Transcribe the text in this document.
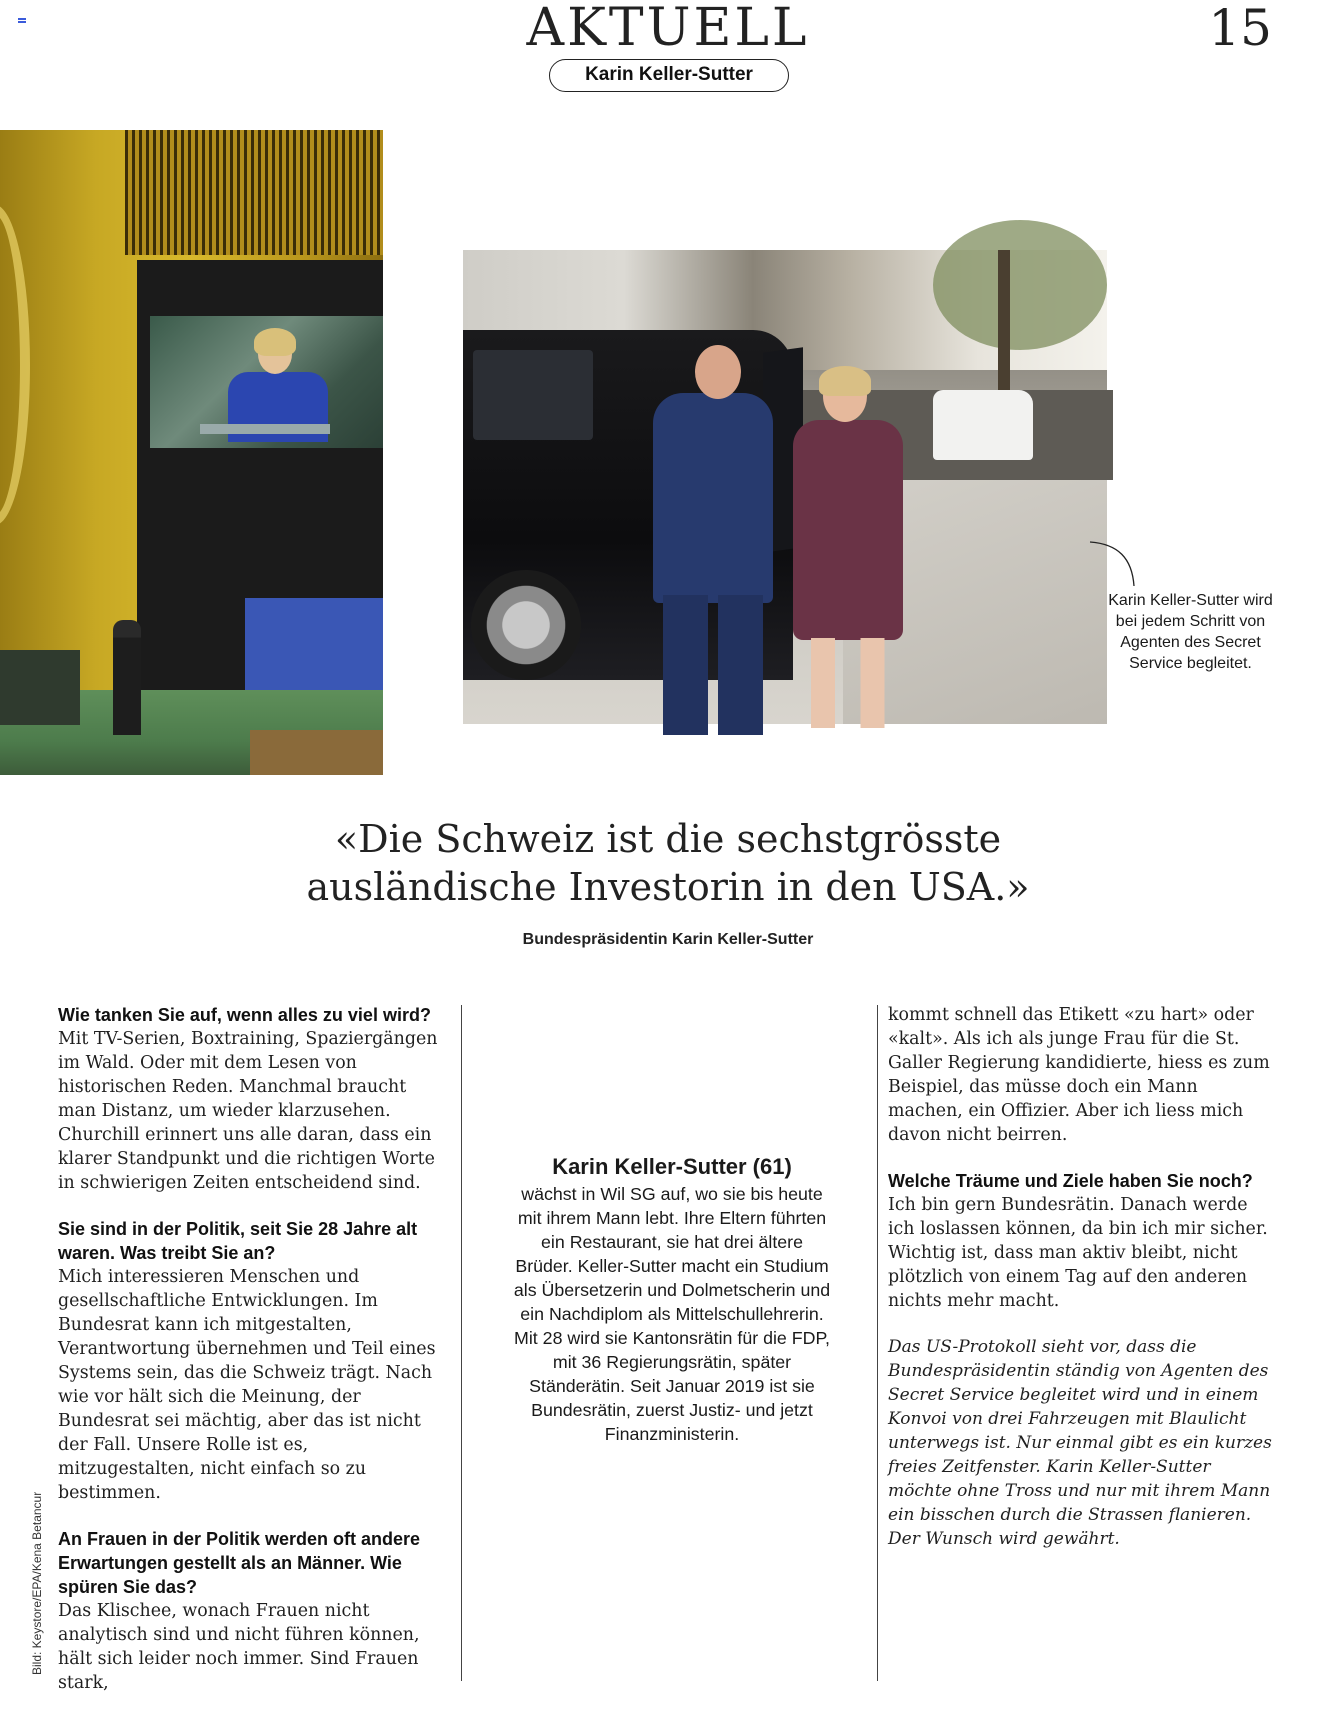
AKTUELL	15
Karin Keller-Sutter
Karin Keller-Sutter wird bei jedem Schritt von Agenten des Secret Service begleitet.
«Die Schweiz ist die sechstgrösste
ausländische Investorin in den USA.»
Bundespräsidentin Karin Keller-Sutter
Bild: Keystore/EPA/Kena Betancur
Wie tanken Sie auf, wenn alles zu viel wird?
Mit TV-Serien, Boxtraining, Spaziergängen im Wald. Oder mit dem Lesen von historischen Reden. Manchmal braucht man Distanz, um wieder klarzusehen. Churchill erinnert uns alle daran, dass ein klarer Standpunkt und die richtigen Worte in schwierigen Zeiten entscheidend sind.
Sie sind in der Politik, seit Sie 28 Jahre alt waren. Was treibt Sie an?
Mich interessieren Menschen und gesellschaftliche Entwicklungen. Im Bundesrat kann ich mitgestalten, Verantwortung übernehmen und Teil eines Systems sein, das die Schweiz trägt. Nach wie vor hält sich die Meinung, der Bundesrat sei mächtig, aber das ist nicht der Fall. Unsere Rolle ist es, mitzugestalten, nicht einfach so zu bestimmen.
An Frauen in der Politik werden oft andere Erwartungen gestellt als an Männer. Wie spüren Sie das?
Das Klischee, wonach Frauen nicht analytisch sind und nicht führen können, hält sich leider noch immer. Sind Frauen stark,
Karin Keller-Sutter (61)
wächst in Wil SG auf, wo sie bis heute mit ihrem Mann lebt. Ihre Eltern führten ein Restaurant, sie hat drei ältere Brüder. Keller-Sutter macht ein Studium als Übersetzerin und Dolmetscherin und ein Nachdiplom als Mittelschullehrerin. Mit 28 wird sie Kantonsrätin für die FDP, mit 36 Regierungsrätin, später Ständerätin. Seit Januar 2019 ist sie Bundesrätin, zuerst Justiz- und jetzt Finanzministerin.
kommt schnell das Etikett «zu hart» oder «kalt». Als ich als junge Frau für die St. Galler Regierung kandidierte, hiess es zum Beispiel, das müsse doch ein Mann machen, ein Offizier. Aber ich liess mich davon nicht beirren.
Welche Träume und Ziele haben Sie noch?
Ich bin gern Bundesrätin. Danach werde ich loslassen können, da bin ich mir sicher. Wichtig ist, dass man aktiv bleibt, nicht plötzlich von einem Tag auf den anderen nichts mehr macht.
Das US-Protokoll sieht vor, dass die Bundespräsidentin ständig von Agenten des Secret Service begleitet wird und in einem Konvoi von drei Fahrzeugen mit Blaulicht unterwegs ist. Nur einmal gibt es ein kurzes freies Zeitfenster. Karin Keller-Sutter möchte ohne Tross und nur mit ihrem Mann ein bisschen durch die Strassen flanieren. Der Wunsch wird gewährt.
